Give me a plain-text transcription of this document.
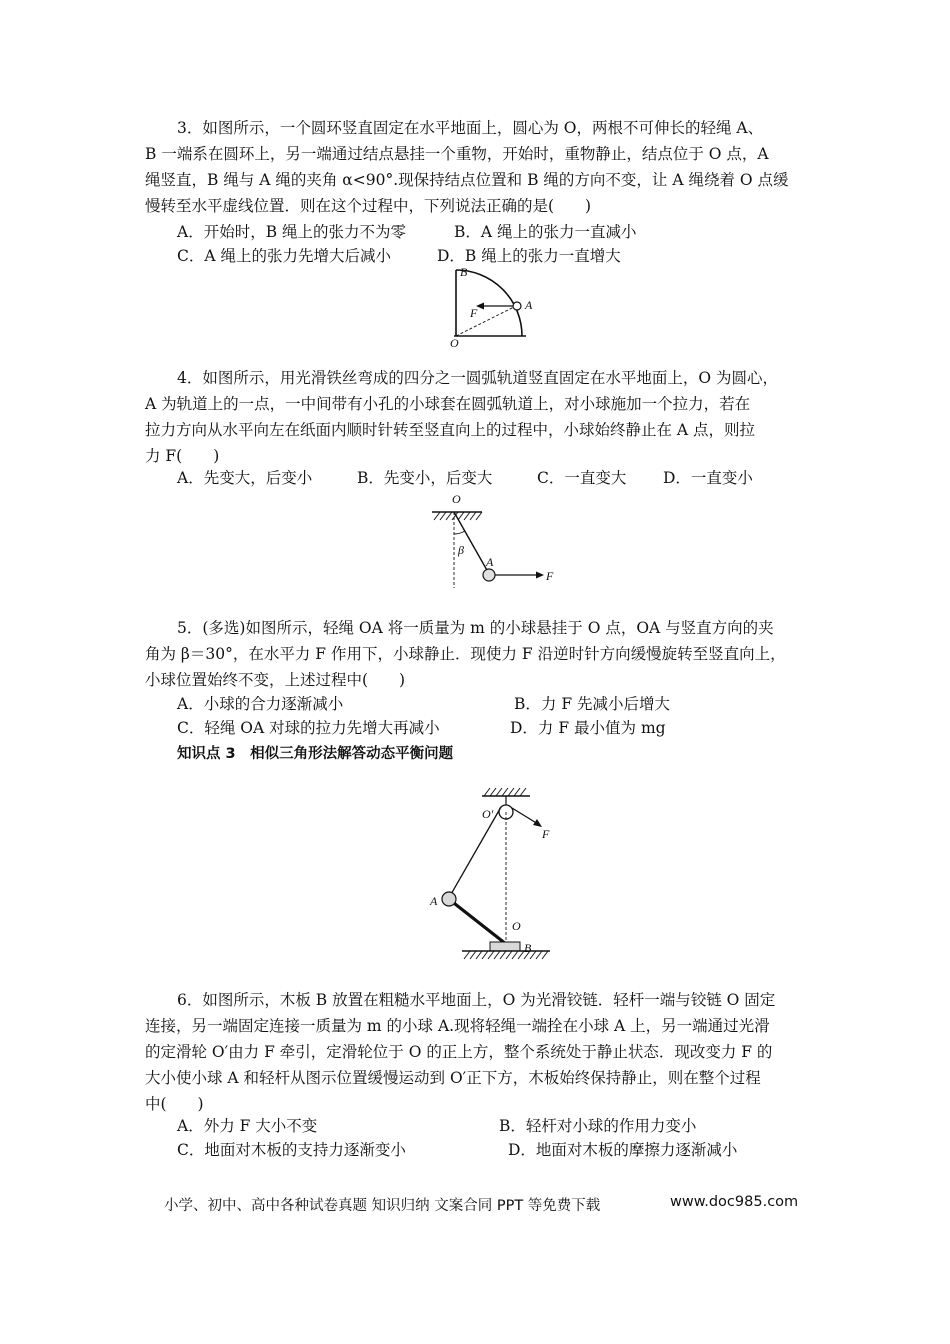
3．如图所示，一个圆环竖直固定在水平地面上，圆心为 O，两根不可伸长的轻绳 A、
B 一端系在圆环上，另一端通过结点悬挂一个重物，开始时，重物静止，结点位于 O 点，A
绳竖直，B 绳与 A 绳的夹角 α<90°.现保持结点位置和 B 绳的方向不变，让 A 绳绕着 O 点缓
慢转至水平虚线位置．则在这个过程中，下列说法正确的是(　　)
A．开始时，B 绳上的张力不为零	B．A 绳上的张力一直减小
C．A 绳上的张力先增大后减小	D．B 绳上的张力一直增大
B
A
F
O
4．如图所示，用光滑铁丝弯成的四分之一圆弧轨道竖直固定在水平地面上，O 为圆心，
A 为轨道上的一点，一中间带有小孔的小球套在圆弧轨道上，对小球施加一个拉力，若在
拉力方向从水平向左在纸面内顺时针转至竖直向上的过程中，小球始终静止在 A 点，则拉
力 F(　　)
A．先变大，后变小	B．先变小，后变大	C．一直变大 D．一直变小
O
β
A
F
5．(多选)如图所示，轻绳 OA 将一质量为 m 的小球悬挂于 O 点，OA 与竖直方向的夹
角为 β＝30°，在水平力 F 作用下，小球静止．现使力 F 沿逆时针方向缓慢旋转至竖直向上，
小球位置始终不变，上述过程中(　　)
A．小球的合力逐渐减小	B．力 F 先减小后增大
C．轻绳 OA 对球的拉力先增大再减小	D．力 F 最小值为 mg
知识点 3　相似三角形法解答动态平衡问题
O′
F
A
O
B
6．如图所示，木板 B 放置在粗糙水平地面上，O 为光滑铰链．轻杆一端与铰链 O 固定
连接，另一端固定连接一质量为 m 的小球 A.现将轻绳一端拴在小球 A 上，另一端通过光滑
的定滑轮 O′由力 F 牵引，定滑轮位于 O 的正上方，整个系统处于静止状态．现改变力 F 的
大小使小球 A 和轻杆从图示位置缓慢运动到 O′正下方，木板始终保持静止，则在整个过程
中(　　)
A．外力 F 大小不变	B．轻杆对小球的作用力变小
C．地面对木板的支持力逐渐变小	D．地面对木板的摩擦力逐渐减小
小学、初中、高中各种试卷真题 知识归纳 文案合同 PPT 等免费下载	www.doc985.com
